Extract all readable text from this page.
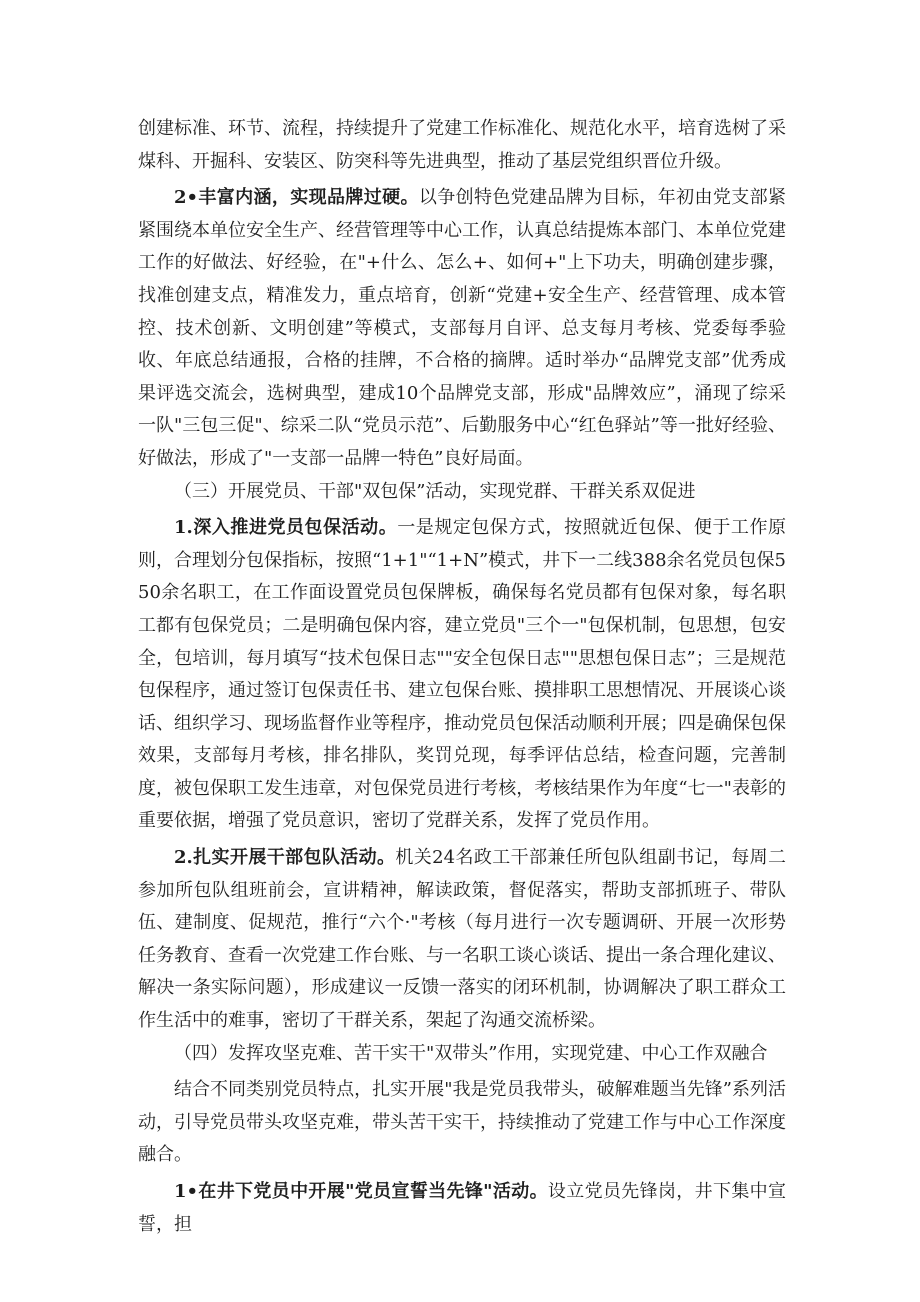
创建标准、环节、流程，持续提升了党建工作标准化、规范化水平，培育选树了采煤科、开掘科、安装区、防突科等先进典型，推动了基层党组织晋位升级。

2•丰富内涵，实现品牌过硬。以争创特色党建品牌为目标，年初由党支部紧紧围绕本单位安全生产、经营管理等中心工作，认真总结提炼本部门、本单位党建工作的好做法、好经验，在"+什么、怎么+、如何+"上下功夫，明确创建步骤，找准创建支点，精准发力，重点培育，创新“党建+安全生产、经营管理、成本管控、技术创新、文明创建”等模式，支部每月自评、总支每月考核、党委每季验收、年底总结通报，合格的挂牌，不合格的摘牌。适时举办“品牌党支部”优秀成果评选交流会，选树典型，建成10个品牌党支部，形成"品牌效应”，涌现了综采一队"三包三促"、综采二队“党员示范”、后勤服务中心“红色驿站”等一批好经验、好做法，形成了"一支部一品牌一特色”良好局面。

（三）开展党员、干部"双包保”活动，实现党群、干群关系双促进

1.深入推进党员包保活动。一是规定包保方式，按照就近包保、便于工作原则，合理划分包保指标，按照“1+1"“1+N”模式，井下一二线388余名党员包保550余名职工，在工作面设置党员包保牌板，确保每名党员都有包保对象，每名职工都有包保党员；二是明确包保内容，建立党员"三个一"包保机制，包思想，包安全，包培训，每月填写“技术包保日志""安全包保日志""思想包保日志”；三是规范包保程序，通过签订包保责任书、建立包保台账、摸排职工思想情况、开展谈心谈话、组织学习、现场监督作业等程序，推动党员包保活动顺利开展；四是确保包保效果，支部每月考核，排名排队，奖罚兑现，每季评估总结，检查问题，完善制度，被包保职工发生违章，对包保党员进行考核，考核结果作为年度“七一"表彰的重要依据，增强了党员意识，密切了党群关系，发挥了党员作用。

2.扎实开展干部包队活动。机关24名政工干部兼任所包队组副书记，每周二参加所包队组班前会，宣讲精神，解读政策，督促落实，帮助支部抓班子、带队伍、建制度、促规范，推行“六个·"考核（每月进行一次专题调研、开展一次形势任务教育、查看一次党建工作台账、与一名职工谈心谈话、提出一条合理化建议、解决一条实际问题），形成建议一反馈一落实的闭环机制，协调解决了职工群众工作生活中的难事，密切了干群关系，架起了沟通交流桥梁。

（四）发挥攻坚克难、苦干实干"双带头”作用，实现党建、中心工作双融合

结合不同类别党员特点，扎实开展"我是党员我带头，破解难题当先锋”系列活动，引导党员带头攻坚克难，带头苦干实干，持续推动了党建工作与中心工作深度融合。

1•在井下党员中开展"党员宣誓当先锋"活动。设立党员先锋岗，井下集中宣誓，担
